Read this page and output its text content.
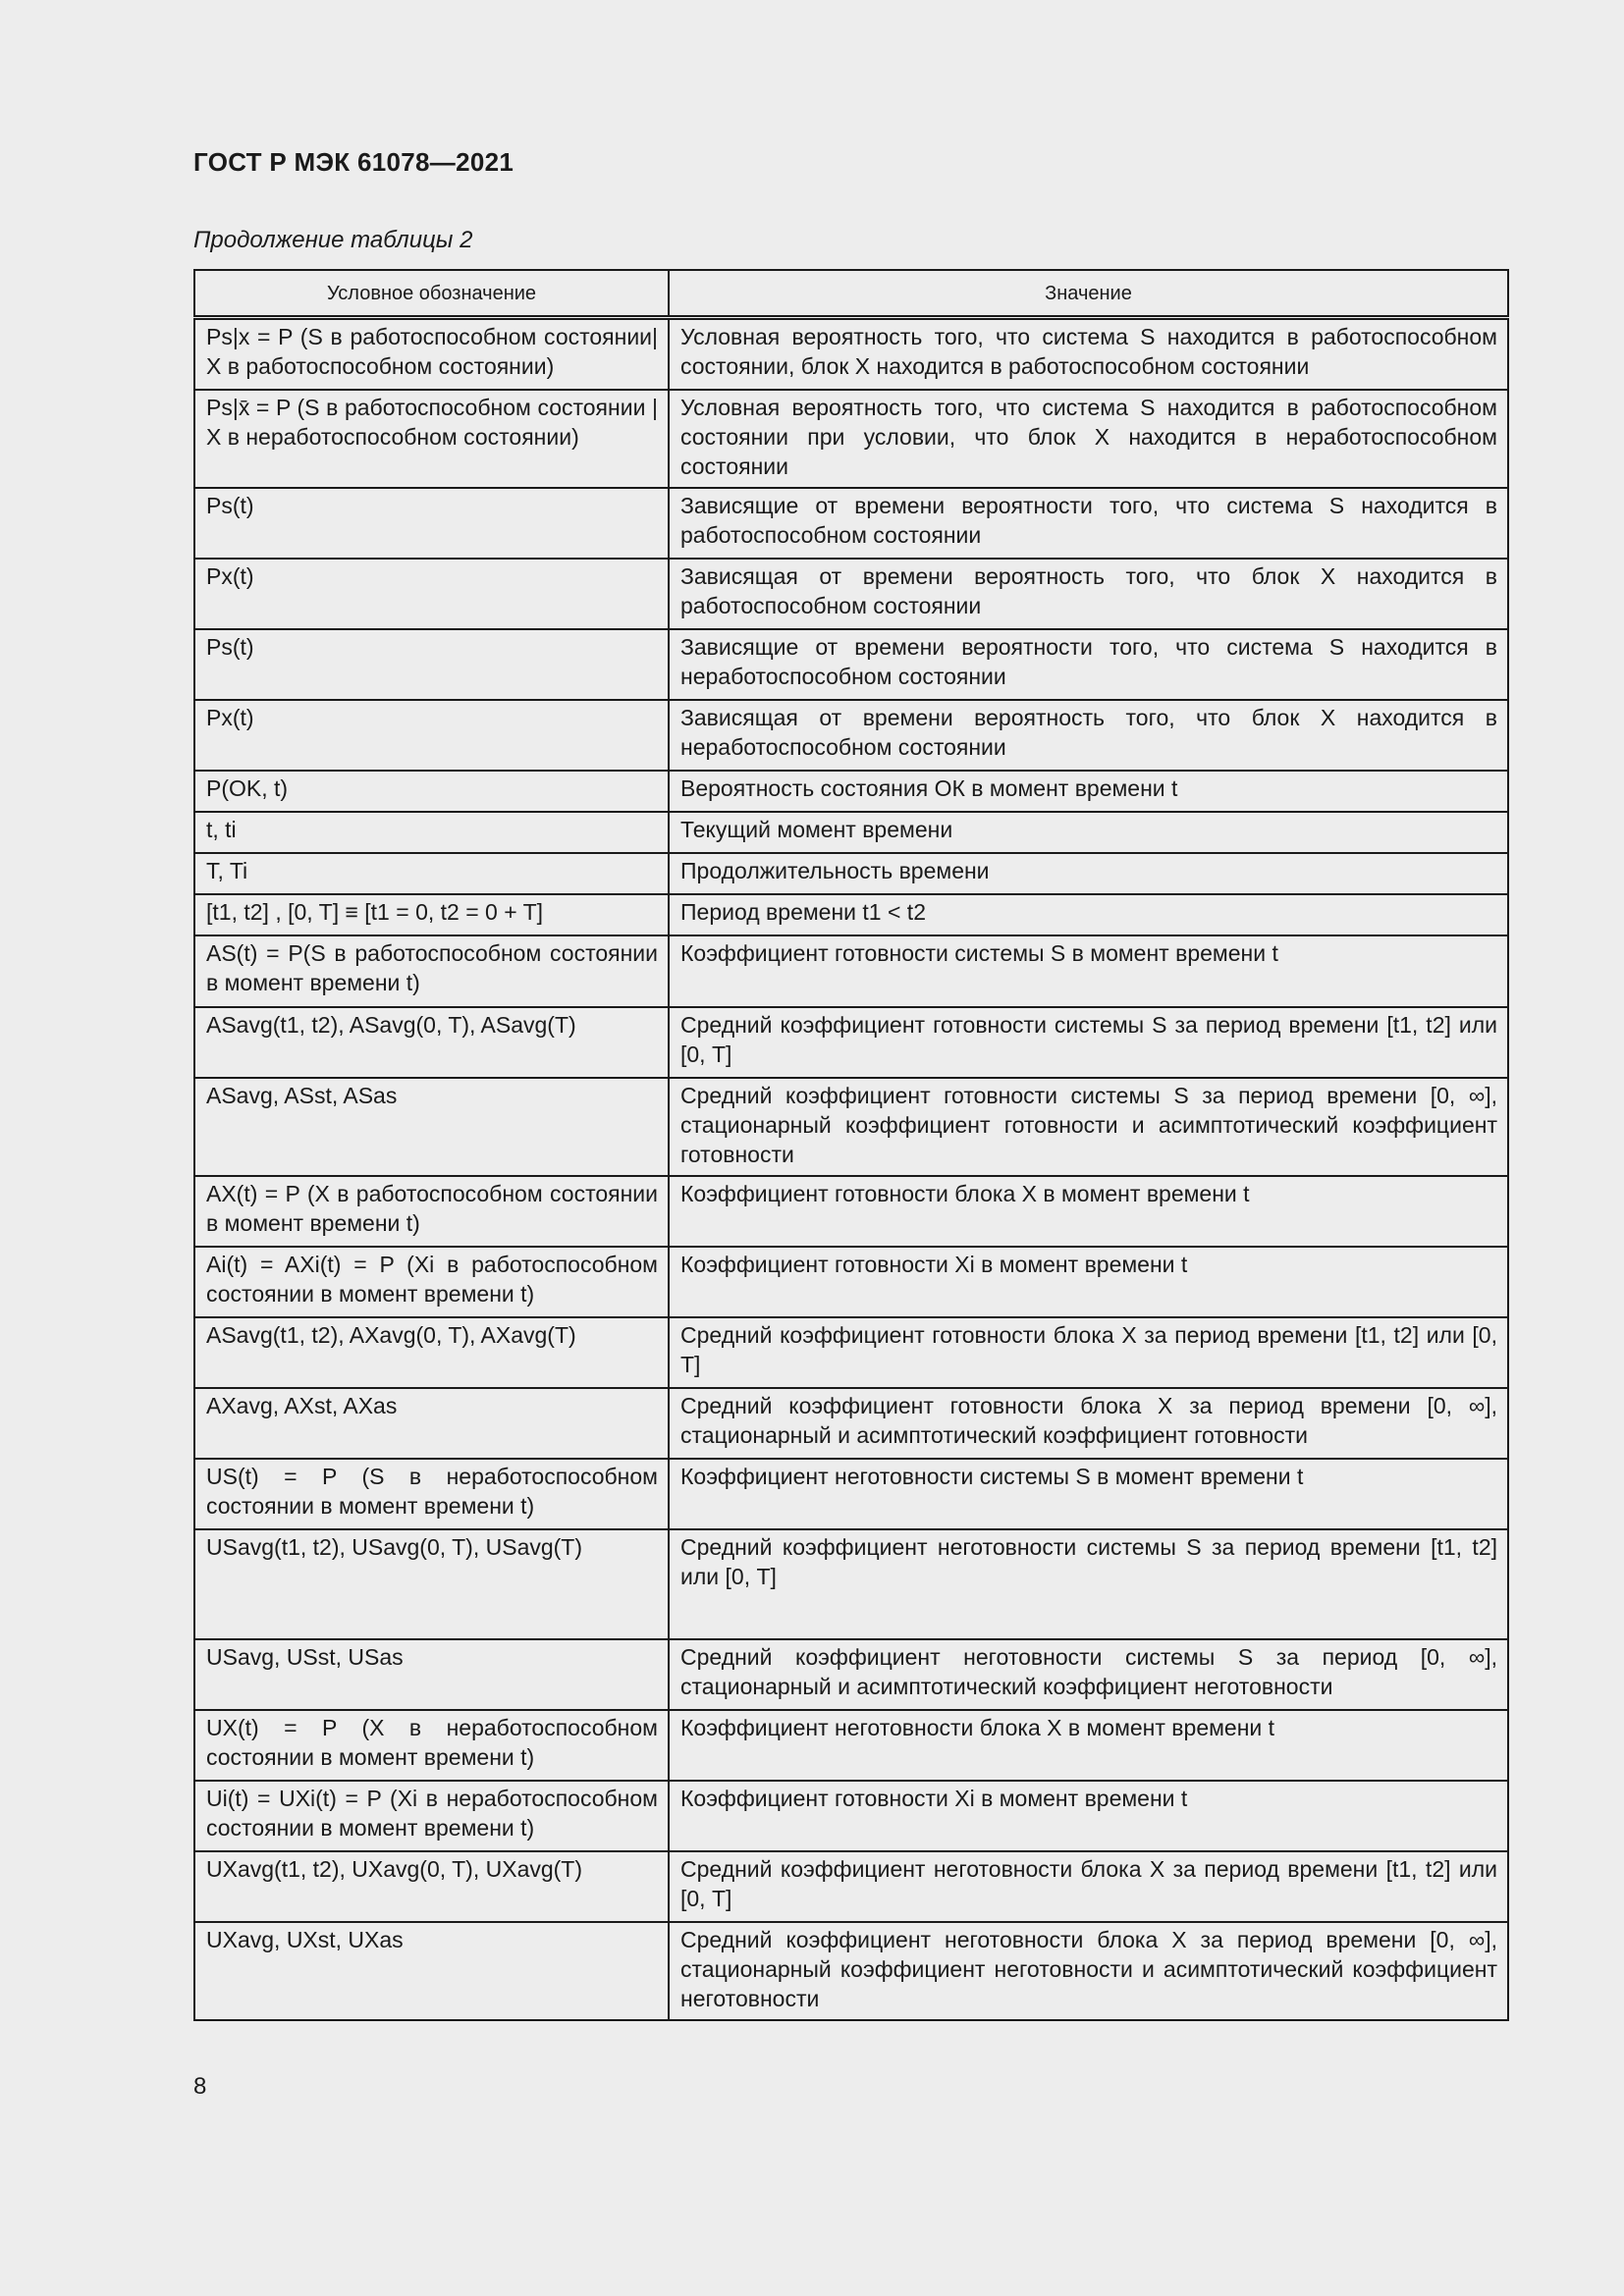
ГОСТ Р МЭК 61078—2021
Продолжение таблицы 2
Условное обозначение	Значение
Ps|x = P (S в работоспособном состоянии| X в работоспособном состоянии)	Условная вероятность того, что система S находится в работоспособном состоянии, блок X находится в работоспособном состоянии
Ps|x̄ = P (S в работоспособном состоянии | X в неработоспособном состоянии)	Условная вероятность того, что система S находится в работоспособном состоянии при условии, что блок X находится в неработоспособном состоянии
Ps(t)	Зависящие от времени вероятности того, что система S находится в работоспособном состоянии
Px(t)	Зависящая от времени вероятность того, что блок X находится в работоспособном состоянии
Ps(t)	Зависящие от времени вероятности того, что система S находится в неработоспособном состоянии
Px(t)	Зависящая от времени вероятность того, что блок X находится в неработоспособном состоянии
P(OK, t)	Вероятность состояния ОК в момент времени t
t, ti	Текущий момент времени
T, Ti	Продолжительность времени
[t1, t2] , [0, T] ≡ [t1 = 0, t2 = 0 + T]	Период времени t1 < t2
AS(t) = P(S в работоспособном состоянии в момент времени t)	Коэффициент готовности системы S в момент времени t
ASavg(t1, t2), ASavg(0, T), ASavg(T)	Средний коэффициент готовности системы S за период времени [t1, t2] или [0, T]
ASavg, ASst, ASas	Средний коэффициент готовности системы S за период времени [0, ∞], стационарный коэффициент готовности и асимптотический коэффициент готовности
AX(t) = P (X в работоспособном состоянии в момент времени t)	Коэффициент готовности блока X в момент времени t
Ai(t) = AXi(t) = P (Xi в работоспособном состоянии в момент времени t)	Коэффициент готовности Xi в момент времени t
ASavg(t1, t2), AXavg(0, T), AXavg(T)	Средний коэффициент готовности блока X за период времени [t1, t2] или [0, T]
AXavg, AXst, AXas	Средний коэффициент готовности блока X за период времени [0, ∞], стационарный и асимптотический коэффициент готовности
US(t) = P (S в неработоспособном состоянии в момент времени t)	Коэффициент неготовности системы S в момент времени t
USavg(t1, t2), USavg(0, T), USavg(T)	Средний коэффициент неготовности системы S за период времени [t1, t2] или [0, T]
USavg, USst, USas	Средний коэффициент неготовности системы S за период [0, ∞], стационарный и асимптотический коэффициент неготовности
UX(t) = P (X в неработоспособном состоянии в момент времени t)	Коэффициент неготовности блока X в момент времени t
Ui(t) = UXi(t) = P (Xi в неработоспособном состоянии в момент времени t)	Коэффициент готовности Xi в момент времени t
UXavg(t1, t2), UXavg(0, T), UXavg(T)	Средний коэффициент неготовности блока X за период времени [t1, t2] или [0, T]
UXavg, UXst, UXas	Средний коэффициент неготовности блока X за период времени [0, ∞], стационарный коэффициент неготовности и асимптотический коэффициент неготовности
8
